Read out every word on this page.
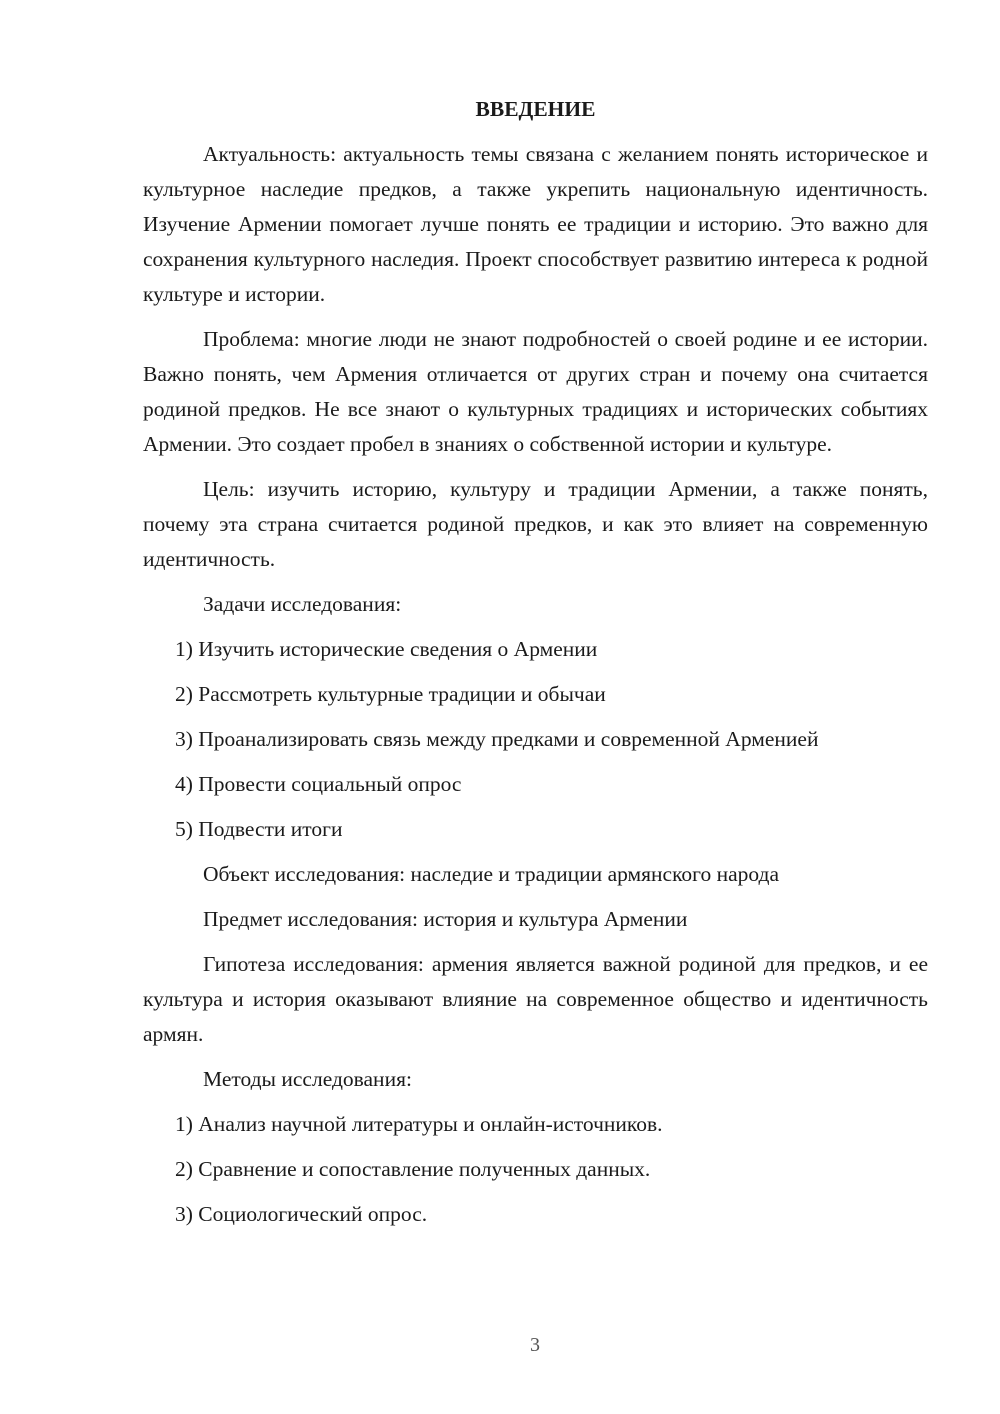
ВВЕДЕНИЕ

Актуальность: актуальность темы связана с желанием понять историческое и культурное наследие предков, а также укрепить национальную идентичность. Изучение Армении помогает лучше понять ее традиции и историю. Это важно для сохранения культурного наследия. Проект способствует развитию интереса к родной культуре и истории.

Проблема: многие люди не знают подробностей о своей родине и ее истории. Важно понять, чем Армения отличается от других стран и почему она считается родиной предков. Не все знают о культурных традициях и исторических событиях Армении. Это создает пробел в знаниях о собственной истории и культуре.

Цель: изучить историю, культуру и традиции Армении, а также понять, почему эта страна считается родиной предков, и как это влияет на современную идентичность.

Задачи исследования:
1) Изучить исторические сведения о Армении
2) Рассмотреть культурные традиции и обычаи
3) Проанализировать связь между предками и современной Арменией
4) Провести социальный опрос
5) Подвести итоги
Объект исследования: наследие и традиции армянского народа
Предмет исследования: история и культура Армении

Гипотеза исследования: армения является важной родиной для предков, и ее культура и история оказывают влияние на современное общество и идентичность армян.

Методы исследования:
1) Анализ научной литературы и онлайн-источников.
2) Сравнение и сопоставление полученных данных.
3) Социологический опрос.
3
